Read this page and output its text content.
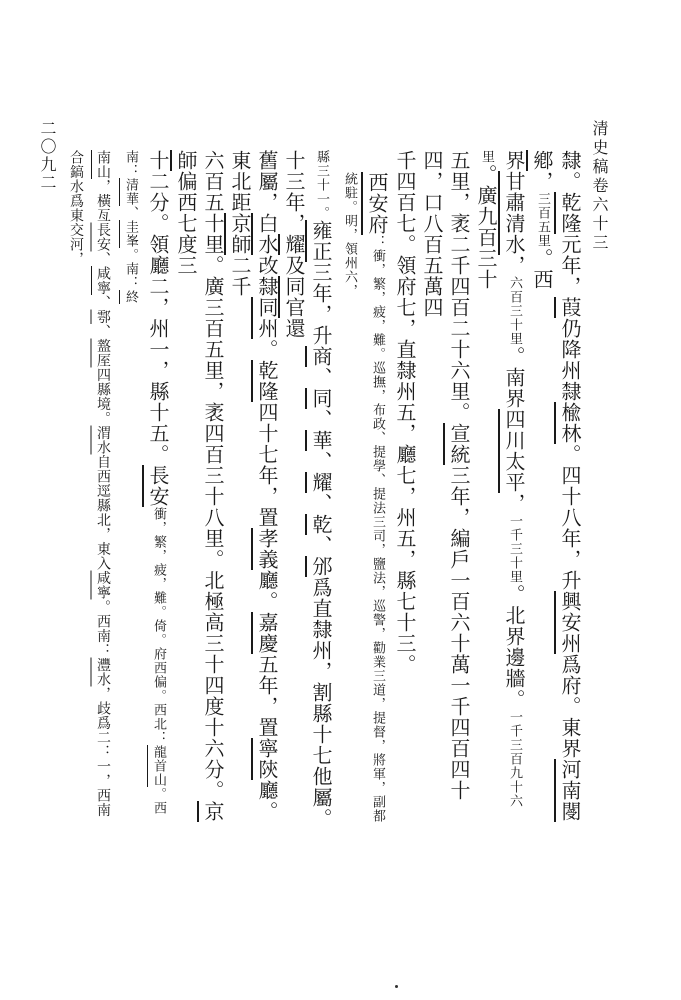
清史稿卷六十三
二〇九二	隸。乾隆元年，葭仍降州隸楡林。四十八年，升興安州爲府。東界河南閿鄕，三百五里。西
界甘肅清水，六百三十里。南界四川太平，一千三十里。北界邊牆。一千三百九十六里。廣九百三十
五里，袤二千四百二十六里。宣統三年，編戶一百六十萬一千四百四十四，口八百五萬四
千四百七。領府七，直隸州五，廳七，州五，縣七十三。
西安府：衝，繁，疲，難。巡撫，布政、提學、提法三司，鹽法，巡警，勸業三道，提督，將軍，副都統駐。明，領州六，
縣三十一。雍正三年，升商、同、華、耀、乾、邠爲直隸州，割縣十七他屬。十三年，耀及同官還
舊屬，白水改隸同州。乾隆四十七年，置孝義廳。嘉慶五年，置寧陝廳。東北距京師二千
六百五十里。廣三百五里，袤四百三十八里。北極高三十四度十六分。京師偏西七度三
十二分。領廳二，州一，縣十五。長安衝，繁，疲，難。倚。府西偏。西北：龍首山。西南：清華、圭峯。南：終
南山，橫亙長安、咸寧、鄠、盩厔四縣境。渭水自西逕縣北，東入咸寧。西南：灃水，歧爲二：一，西南合鎬水爲東交河，
